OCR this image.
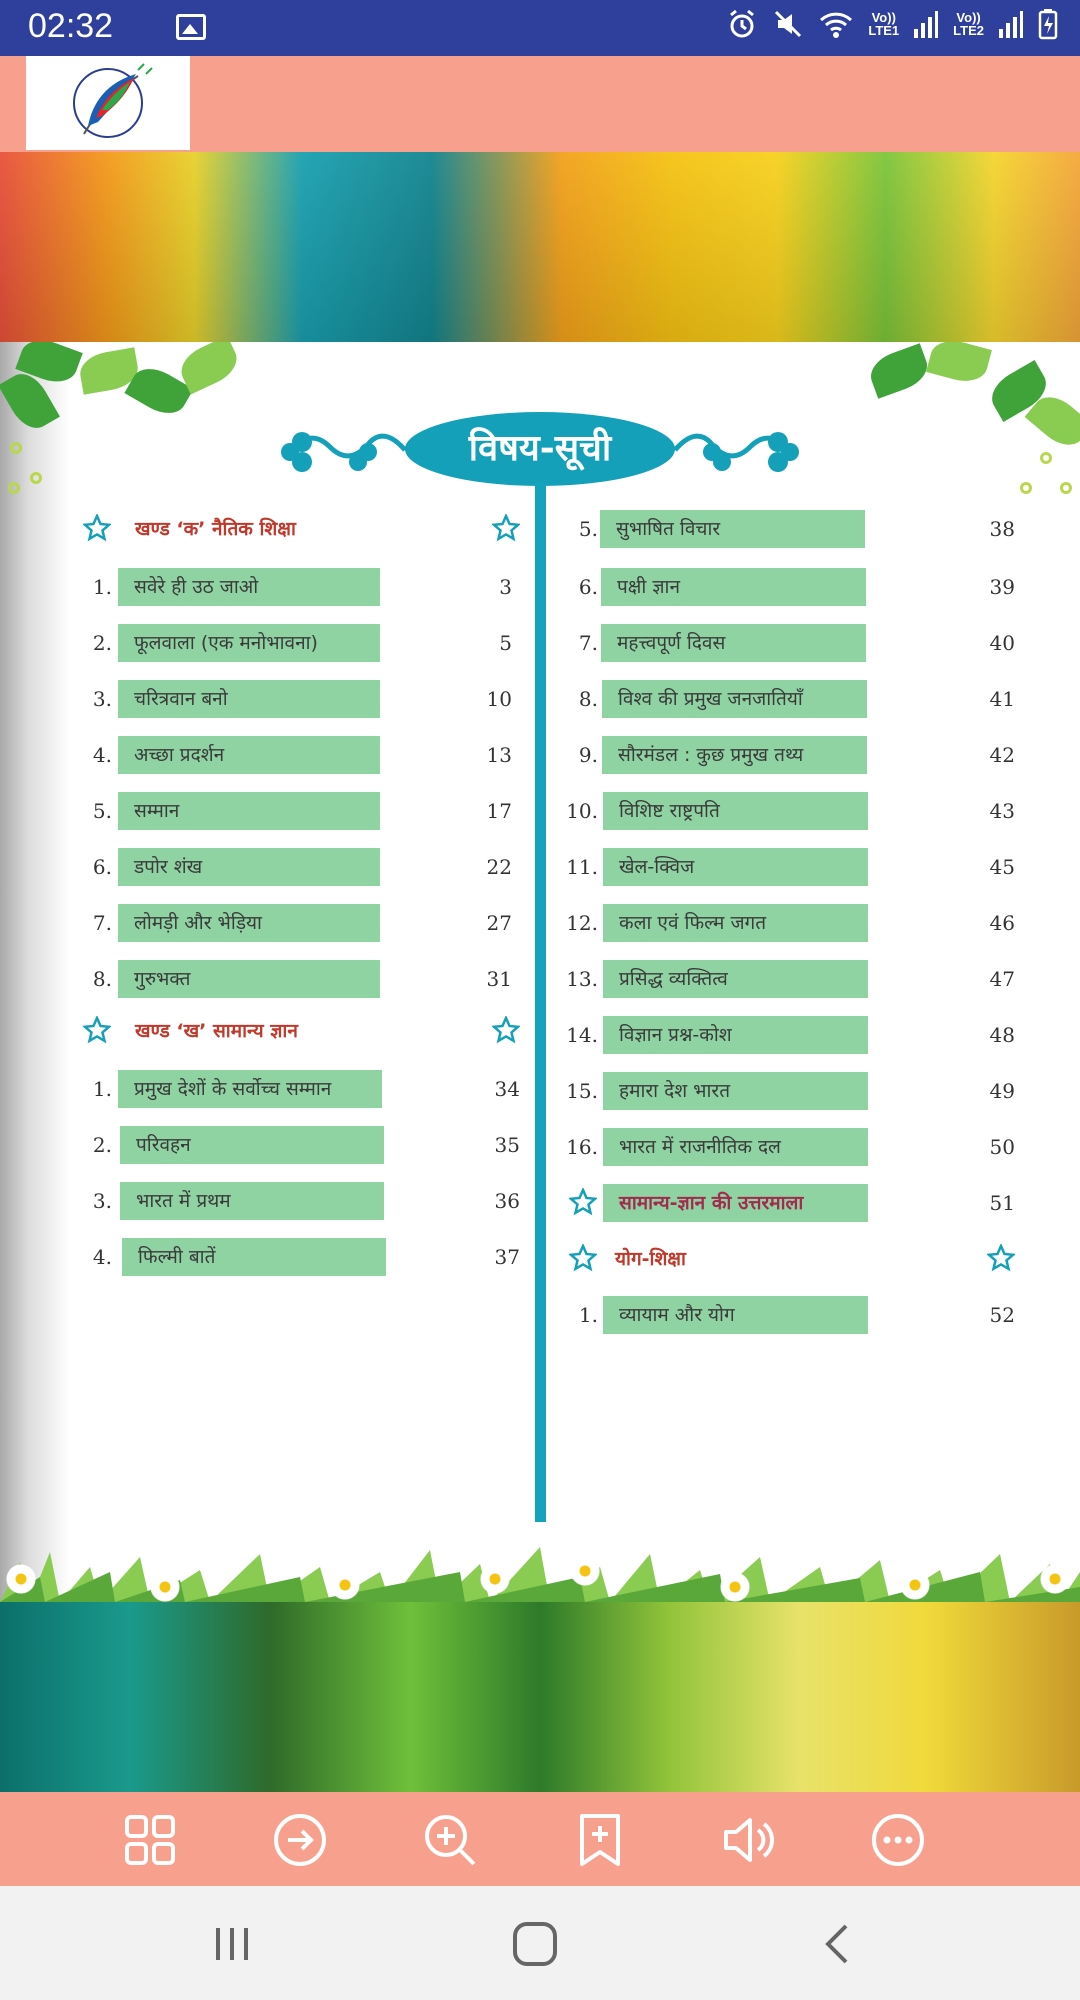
02:32	Vo))
LTE1
Vo))
LTE2
विषय-सूची
खण्ड ‘क’ नैतिक शिक्षा
1.	सवेरे ही उठ जाओ	3
2.	फूलवाला (एक मनोभावना)	5
3.	चरित्रवान बनो	10
4.	अच्छा प्रदर्शन	13
5.	सम्मान	17
6.	डपोर शंख	22
7.	लोमड़ी और भेड़िया	27
8.	गुरुभक्त	31
खण्ड ‘ख’ सामान्य ज्ञान
1.	प्रमुख देशों के सर्वोच्च सम्मान	34
2.	परिवहन	35
3.	भारत में प्रथम	36
4.	फिल्मी बातें	37
5. सुभाषित विचार	38
6.	पक्षी ज्ञान	39
7.	महत्त्वपूर्ण दिवस	40
8.	विश्व की प्रमुख जनजातियाँ	41
9.	सौरमंडल : कुछ प्रमुख तथ्य	42
10.	विशिष्ट राष्ट्रपति	43
11.	खेल-क्विज	45
12.	कला एवं फिल्म जगत	46
13.	प्रसिद्ध व्यक्तित्व	47
14.	विज्ञान प्रश्न-कोश	48
15.	हमारा देश भारत	49
16.	भारत में राजनीतिक दल	50
सामान्य-ज्ञान की उत्तरमाला	51
योग-शिक्षा
1.	व्यायाम और योग	52
